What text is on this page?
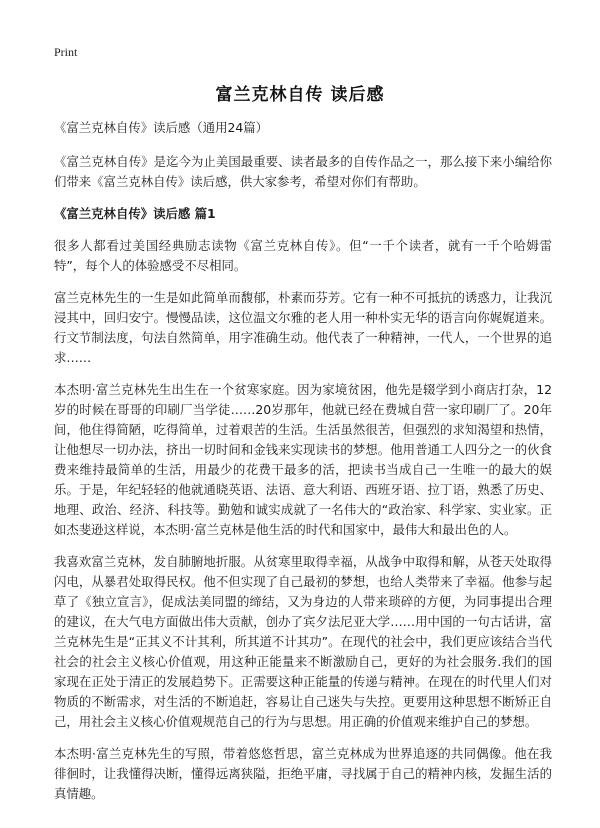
Print
富兰克林自传 读后感

《富兰克林自传》读后感（通用24篇）

《富兰克林自传》是迄今为止美国最重要、读者最多的自传作品之一，那么接下来小编给你们带来《富兰克林自传》读后感，供大家参考，希望对你们有帮助。

《富兰克林自传》读后感 篇1

很多人都看过美国经典励志读物《富兰克林自传》。但“一千个读者，就有一千个哈姆雷特”，每个人的体验感受不尽相同。

富兰克林先生的一生是如此简单而馥郁，朴素而芬芳。它有一种不可抵抗的诱惑力，让我沉浸其中，回归安宁。慢慢品读，这位温文尔雅的老人用一种朴实无华的语言向你娓娓道来。行文节制法度，句法自然简单，用字准确生动。他代表了一种精神，一代人，一个世界的追求……

本杰明·富兰克林先生出生在一个贫寒家庭。因为家境贫困，他先是辍学到小商店打杂，12岁的时候在哥哥的印刷厂当学徒……20岁那年，他就已经在费城自营一家印刷厂了。20年间，他住得简陋，吃得简单，过着艰苦的生活。生活虽然很苦，但强烈的求知渴望和热情，让他想尽一切办法，挤出一切时间和金钱来实现读书的梦想。他用普通工人四分之一的伙食费来维持最简单的生活，用最少的花费干最多的活，把读书当成自己一生唯一的最大的娱乐。于是，年纪轻轻的他就通晓英语、法语、意大利语、西班牙语、拉丁语，熟悉了历史、地理、政治、经济、科技等。勤勉和诚实成就了一名伟大的“政治家、科学家、实业家。正如杰斐逊这样说，本杰明·富兰克林是他生活的时代和国家中，最伟大和最出色的人。

我喜欢富兰克林，发自肺腑地折服。从贫寒里取得幸福，从战争中取得和解，从苍天处取得闪电，从暴君处取得民权。他不但实现了自己最初的梦想，也给人类带来了幸福。他参与起草了《独立宣言》，促成法美同盟的缔结，又为身边的人带来琐碎的方便，为同事提出合理的建议，在大气电方面做出伟大贡献，创办了宾夕法尼亚大学……用中国的一句古话讲，富兰克林先生是“正其义不计其利，所其道不计其功”。在现代的社会中，我们更应该结合当代社会的社会主义核心价值观，用这种正能量来不断激励自己，更好的为社会服务.我们的国家现在正处于清正的发展趋势下。正需要这种正能量的传递与精神。在现在的时代里人们对物质的不断需求，对生活的不断追赶，容易让自己迷失与失控。更要用这种思想不断矫正自己，用社会主义核心价值观规范自己的行为与思想。用正确的价值观来维护自己的梦想。

本杰明·富兰克林先生的写照，带着悠悠哲思，富兰克林成为世界追逐的共同偶像。他在我徘徊时，让我懂得决断，懂得远离狭隘，拒绝平庸，寻找属于自己的精神内核，发掘生活的真情趣。
